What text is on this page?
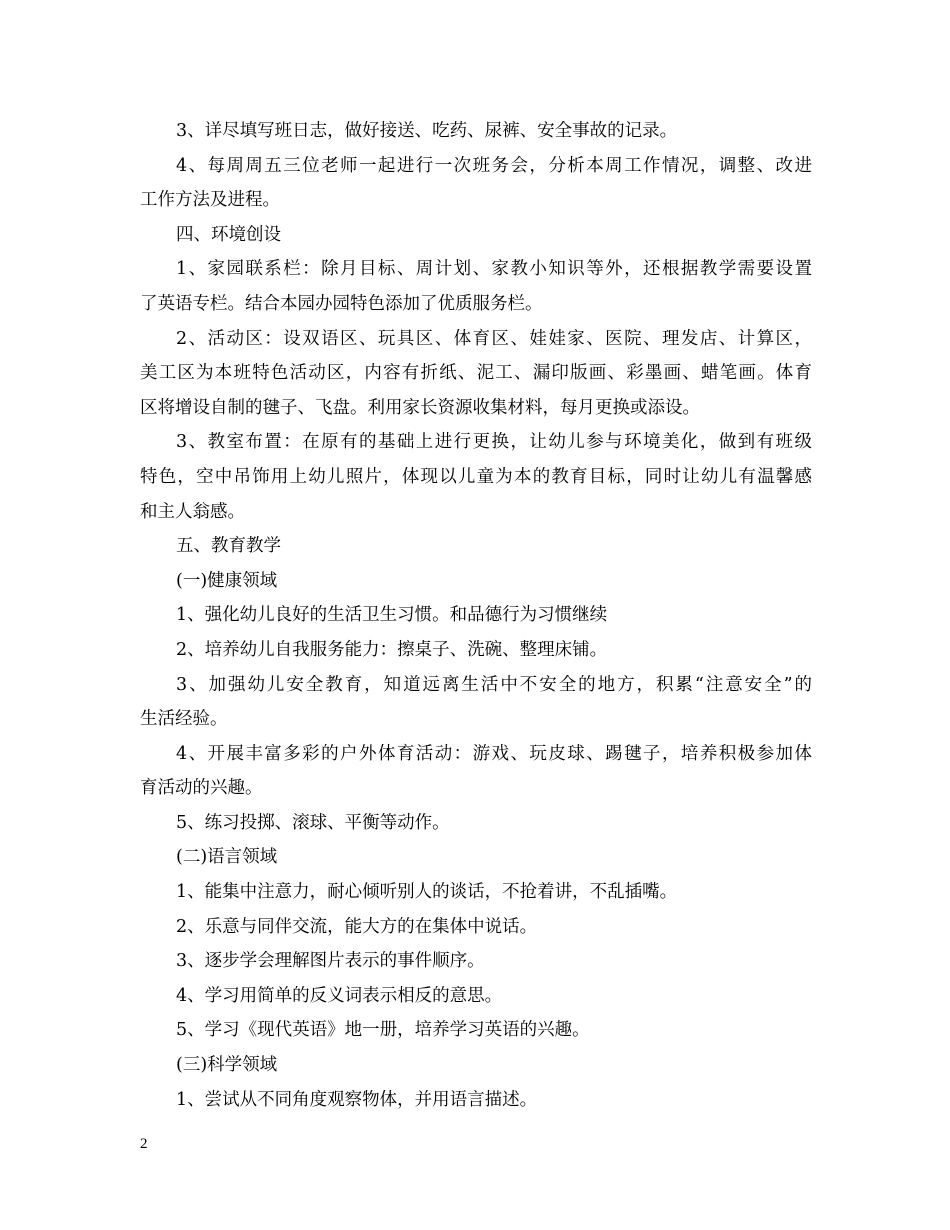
3、详尽填写班日志，做好接送、吃药、尿裤、安全事故的记录。

4、每周周五三位老师一起进行一次班务会，分析本周工作情况，调整、改进

工作方法及进程。

四、环境创设

1、家园联系栏：除月目标、周计划、家教小知识等外，还根据教学需要设置

了英语专栏。结合本园办园特色添加了优质服务栏。

2、活动区：设双语区、玩具区、体育区、娃娃家、医院、理发店、计算区，

美工区为本班特色活动区，内容有折纸、泥工、漏印版画、彩墨画、蜡笔画。体育

区将增设自制的毽子、飞盘。利用家长资源收集材料，每月更换或添设。

3、教室布置：在原有的基础上进行更换，让幼儿参与环境美化，做到有班级

特色，空中吊饰用上幼儿照片，体现以儿童为本的教育目标，同时让幼儿有温馨感

和主人翁感。

五、教育教学

(一)健康领域

1、强化幼儿良好的生活卫生习惯。和品德行为习惯继续

2、培养幼儿自我服务能力：擦桌子、洗碗、整理床铺。

3、加强幼儿安全教育，知道远离生活中不安全的地方，积累“注意安全”的

生活经验。

4、开展丰富多彩的户外体育活动：游戏、玩皮球、踢毽子，培养积极参加体

育活动的兴趣。

5、练习投掷、滚球、平衡等动作。

(二)语言领域

1、能集中注意力，耐心倾听别人的谈话，不抢着讲，不乱插嘴。

2、乐意与同伴交流，能大方的在集体中说话。

3、逐步学会理解图片表示的事件顺序。

4、学习用简单的反义词表示相反的意思。

5、学习《现代英语》地一册，培养学习英语的兴趣。

(三)科学领域

1、尝试从不同角度观察物体，并用语言描述。

2
